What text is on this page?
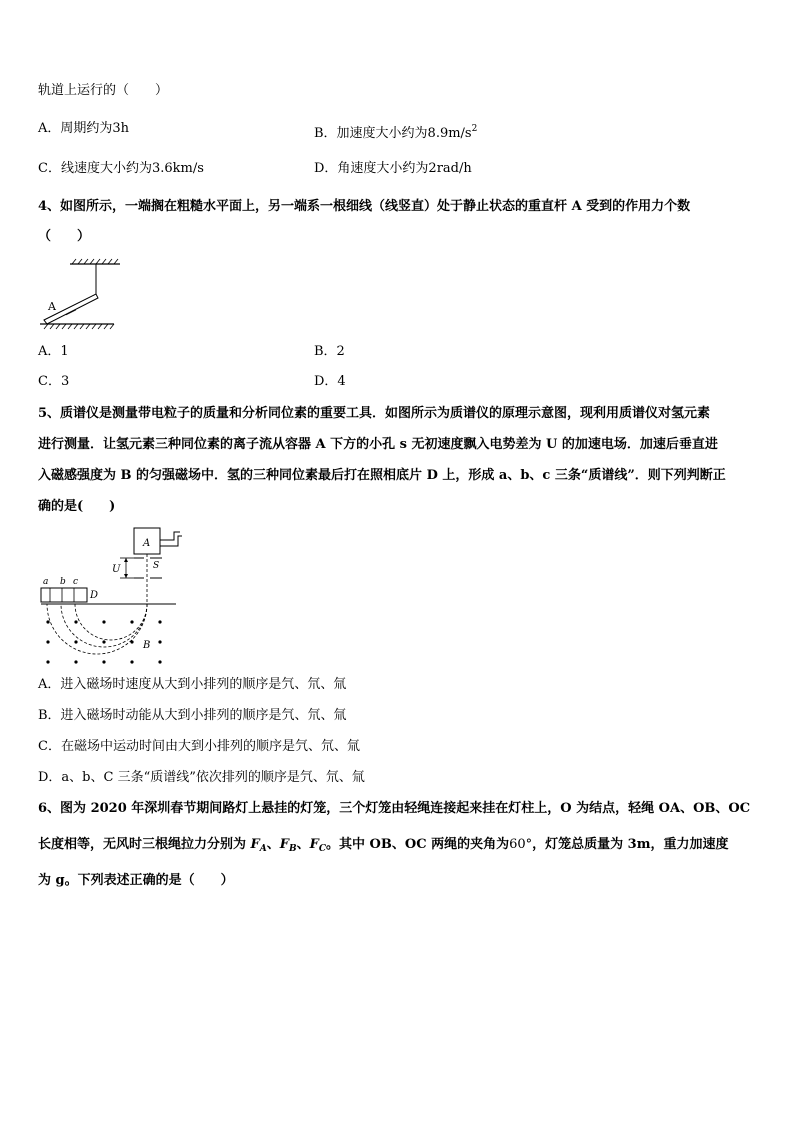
轨道上运行的（　　）
A．周期约为3h	B．加速度大小约为$8.9m/s^2$
C．线速度大小约为3.6km/s	D．角速度大小约为2rad/h
4、如图所示，一端搁在粗糙水平面上，另一端系一根细线（线竖直）处于静止状态的重直杆 A 受到的作用力个数
（　　）
A
A．1	B．2
C．3	D．4
5、质谱仪是测量带电粒子的质量和分析同位素的重要工具．如图所示为质谱仪的原理示意图，现利用质谱仪对氢元素
进行测量．让氢元素三种同位素的离子流从容器 A 下方的小孔 s 无初速度飘入电势差为 U 的加速电场．加速后垂直进
入磁感强度为 B 的匀强磁场中．氢的三种同位素最后打在照相底片 D 上，形成 a、b、c 三条“质谱线”．则下列判断正
确的是(　　)
A
U	S
a b c
D
B
A．进入磁场时速度从大到小排列的顺序是氕、氘、氚
B．进入磁场时动能从大到小排列的顺序是氕、氘、氚
C．在磁场中运动时间由大到小排列的顺序是氕、氘、氚
D．a、b、C 三条“质谱线”依次排列的顺序是氕、氘、氚
6、图为 2020 年深圳春节期间路灯上悬挂的灯笼，三个灯笼由轻绳连接起来挂在灯柱上，O 为结点，轻绳 OA、OB、OC
长度相等，无风时三根绳拉力分别为 $F_A$、$F_B$、$F_C$。其中 OB、OC 两绳的夹角为60°，灯笼总质量为 3m，重力加速度
为 g。下列表述正确的是（　　）
